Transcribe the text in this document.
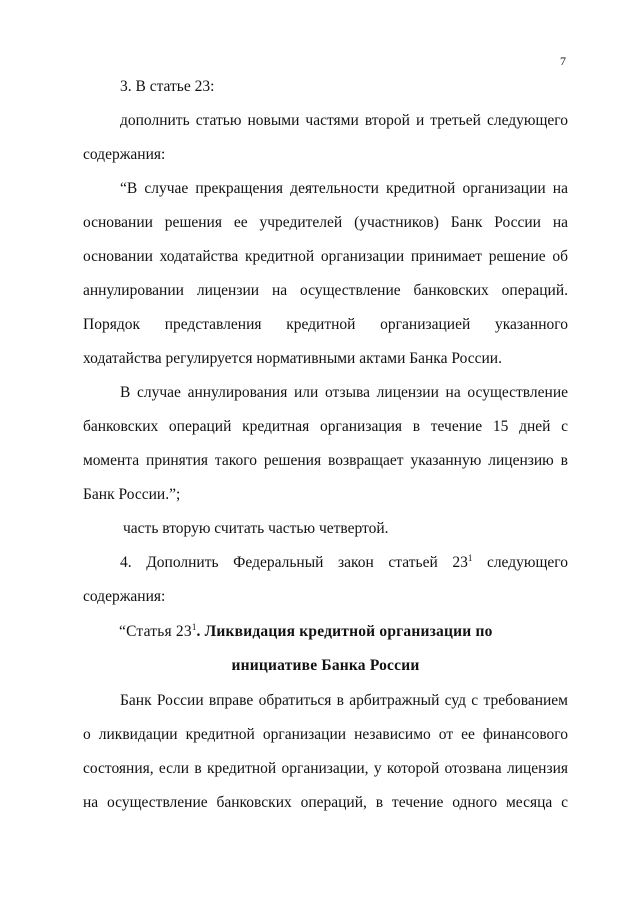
7
3. В статье 23:
дополнить статью новыми частями второй и третьей следующего
содержания:
“В случае прекращения деятельности кредитной организации на
основании решения ее учредителей (участников) Банк России на
основании ходатайства кредитной организации принимает решение об
аннулировании лицензии на осуществление банковских операций.
Порядок представления кредитной организацией указанного
ходатайства регулируется нормативными актами Банка России.
В случае аннулирования или отзыва лицензии на осуществление
банковских операций кредитная организация в течение 15 дней с
момента принятия такого решения возвращает указанную лицензию в
Банк России.”;
часть вторую считать частью четвертой.
4. Дополнить Федеральный закон статьей $23^1$ следующего
содержания:
“Статья $23^1$. Ликвидация кредитной организации по
инициативе Банка России
Банк России вправе обратиться в арбитражный суд с требованием
о ликвидации кредитной организации независимо от ее финансового
состояния, если в кредитной организации, у которой отозвана лицензия
на осуществление банковских операций, в течение одного месяца с
